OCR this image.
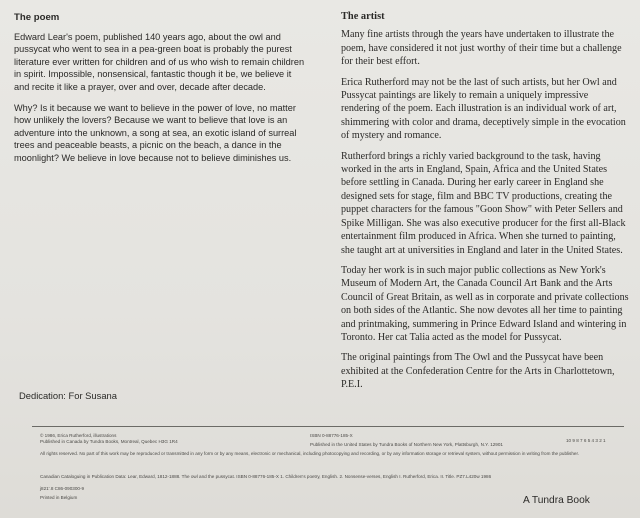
The poem

Edward Lear's poem, published 140 years ago, about the owl and pussycat who went to sea in a pea-green boat is probably the purest literature ever written for children and of us who wish to remain children in spirit. Impossible, nonsensical, fantastic though it be, we believe it and recite it like a prayer, over and over, decade after decade.

Why? Is it because we want to believe in the power of love, no matter how unlikely the lovers? Because we want to believe that love is an adventure into the unknown, a song at sea, an exotic island of surreal trees and peaceable beasts, a picnic on the beach, a dance in the moonlight? We believe in love because not to believe diminishes us.

The artist

Many fine artists through the years have undertaken to illustrate the poem, have considered it not just worthy of their time but a challenge for their best effort.

Erica Rutherford may not be the last of such artists, but her Owl and Pussycat paintings are likely to remain a uniquely impressive rendering of the poem. Each illustration is an individual work of art, shimmering with color and drama, deceptively simple in the evocation of mystery and romance.

Rutherford brings a richly varied background to the task, having worked in the arts in England, Spain, Africa and the United States before settling in Canada. During her early career in England she designed sets for stage, film and BBC TV productions, creating the puppet characters for the famous "Goon Show" with Peter Sellers and Spike Milligan. She was also executive producer for the first all-Black entertainment film produced in Africa. When she turned to painting, she taught art at universities in England and later in the United States.

Today her work is in such major public collections as New York's Museum of Modern Art, the Canada Council Art Bank and the Arts Council of Great Britain, as well as in corporate and private collections on both sides of the Atlantic. She now devotes all her time to painting and printmaking, summering in Prince Edward Island and wintering in Toronto. Her cat Talia acted as the model for Pussycat.

The original paintings from The Owl and the Pussycat have been exhibited at the Confederation Centre for the Arts in Charlottetown, P.E.I.

Dedication: For Susana
© 1986, Erica Rutherford, illustrations
Published in Canada by Tundra Books, Montreal, Quebec H3G 1R4
ISBN 0-88776-185-X
Published in the United States by Tundra Books of Northern New York, Plattsburgh, N.Y. 12901
10 9 8 7 6 5 4 3 2 1
All rights reserved. No part of this work may be reproduced or transmitted in any form or by any means, electronic or mechanical, including photocopying and recording, or by any information storage or retrieval system, without permission in writing from the publisher.
Canadian Cataloguing in Publication Data: Lear, Edward, 1812-1888. The owl and the pussycat. ISBN 0-88776-185-X 1. Children's poetry, English. 2. Nonsense-verses, English I. Rutherford, Erica. II. Title. PZ7.L420w 1986
j821'.8 C86-090300-9
Printed in Belgium	A Tundra Book
